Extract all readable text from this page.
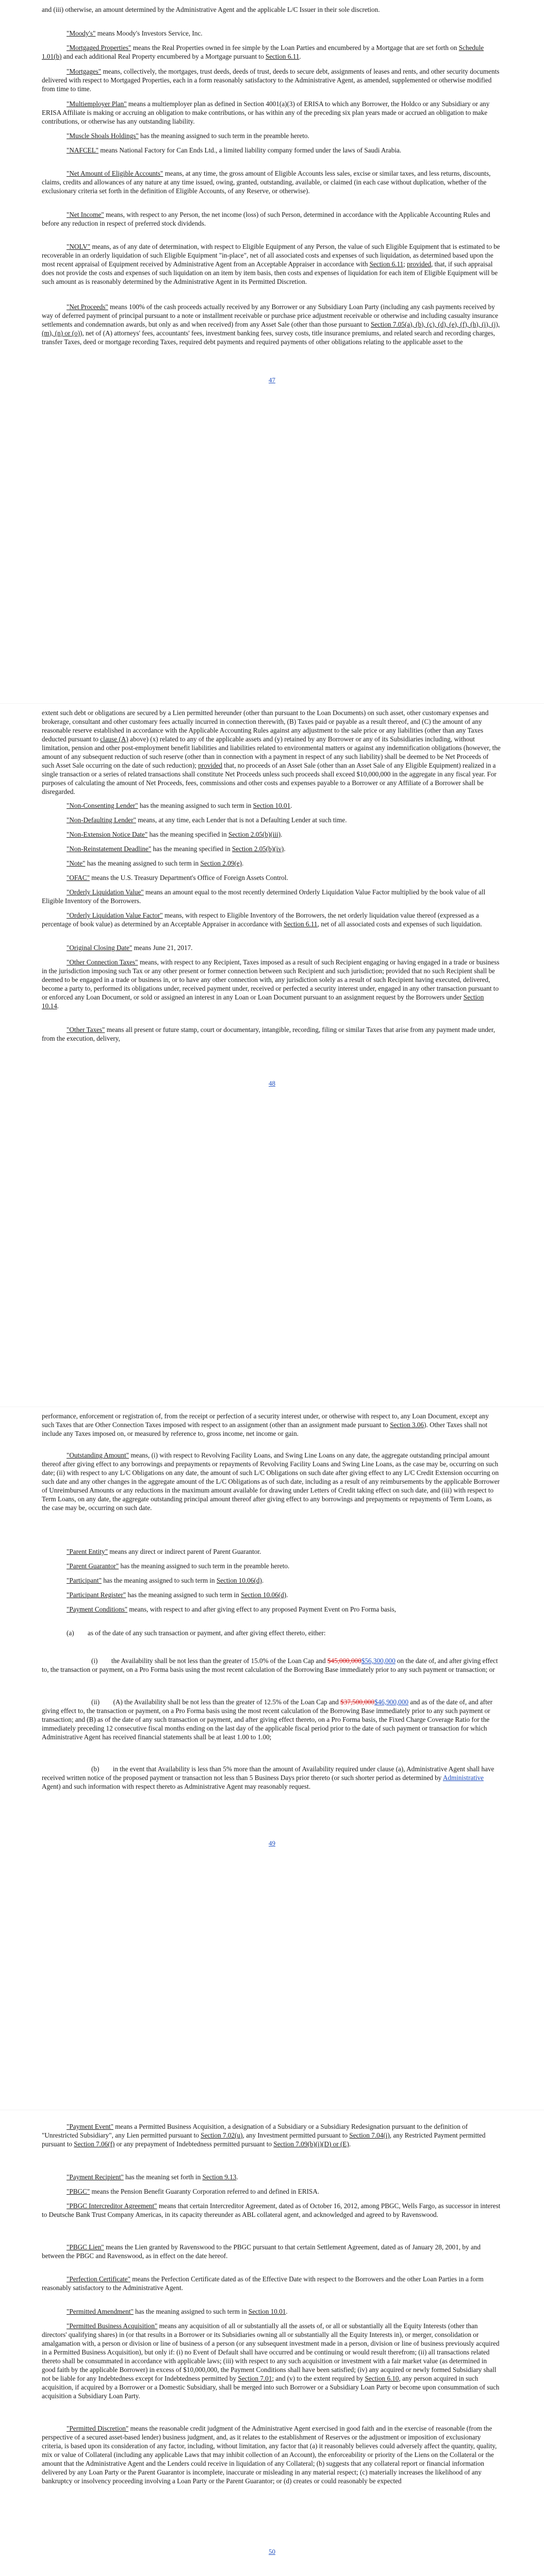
and (iii) otherwise, an amount determined by the Administrative Agent and the applicable L/C Issuer in their sole discretion.

"Moody's" means Moody's Investors Service, Inc.

"Mortgaged Properties" means the Real Properties owned in fee simple by the Loan Parties and encumbered by a Mortgage that are set forth on Schedule 1.01(b) and each additional Real Property encumbered by a Mortgage pursuant to Section 6.11.

"Mortgages" means, collectively, the mortgages, trust deeds, deeds of trust, deeds to secure debt, assignments of leases and rents, and other security documents delivered with respect to Mortgaged Properties, each in a form reasonably satisfactory to the Administrative Agent, as amended, supplemented or otherwise modified from time to time.

"Multiemployer Plan" means a multiemployer plan as defined in Section 4001(a)(3) of ERISA to which any Borrower, the Holdco or any Subsidiary or any ERISA Affiliate is making or accruing an obligation to make contributions, or has within any of the preceding six plan years made or accrued an obligation to make contributions, or otherwise has any outstanding liability.

"Muscle Shoals Holdings" has the meaning assigned to such term in the preamble hereto.

"NAFCEL" means National Factory for Can Ends Ltd., a limited liability company formed under the laws of Saudi Arabia.

"Net Amount of Eligible Accounts" means, at any time, the gross amount of Eligible Accounts less sales, excise or similar taxes, and less returns, discounts, claims, credits and allowances of any nature at any time issued, owing, granted, outstanding, available, or claimed (in each case without duplication, whether of the exclusionary criteria set forth in the definition of Eligible Accounts, of any Reserve, or otherwise).

"Net Income" means, with respect to any Person, the net income (loss) of such Person, determined in accordance with the Applicable Accounting Rules and before any reduction in respect of preferred stock dividends.

"NOLV" means, as of any date of determination, with respect to Eligible Equipment of any Person, the value of such Eligible Equipment that is estimated to be recoverable in an orderly liquidation of such Eligible Equipment "in-place", net of all associated costs and expenses of such liquidation, as determined based upon the most recent appraisal of Equipment received by Administrative Agent from an Acceptable Appraiser in accordance with Section 6.11; provided, that, if such appraisal does not provide the costs and expenses of such liquidation on an item by item basis, then costs and expenses of liquidation for each item of Eligible Equipment will be such amount as is reasonably determined by the Administrative Agent in its Permitted Discretion.

"Net Proceeds" means 100% of the cash proceeds actually received by any Borrower or any Subsidiary Loan Party (including any cash payments received by way of deferred payment of principal pursuant to a note or installment receivable or purchase price adjustment receivable or otherwise and including casualty insurance settlements and condemnation awards, but only as and when received) from any Asset Sale (other than those pursuant to Section 7.05(a), (b), (c), (d), (e), (f), (h), (i), (j), (m), (n) or (o)), net of (A) attorneys' fees, accountants' fees, investment banking fees, survey costs, title insurance premiums, and related search and recording charges, transfer Taxes, deed or mortgage recording Taxes, required debt payments and required payments of other obligations relating to the applicable asset to the

47

extent such debt or obligations are secured by a Lien permitted hereunder (other than pursuant to the Loan Documents) on such asset, other customary expenses and brokerage, consultant and other customary fees actually incurred in connection therewith, (B) Taxes paid or payable as a result thereof, and (C) the amount of any reasonable reserve established in accordance with the Applicable Accounting Rules against any adjustment to the sale price or any liabilities (other than any Taxes deducted pursuant to clause (A) above) (x) related to any of the applicable assets and (y) retained by any Borrower or any of its Subsidiaries including, without limitation, pension and other post-employment benefit liabilities and liabilities related to environmental matters or against any indemnification obligations (however, the amount of any subsequent reduction of such reserve (other than in connection with a payment in respect of any such liability) shall be deemed to be Net Proceeds of such Asset Sale occurring on the date of such reduction); provided that, no proceeds of an Asset Sale (other than an Asset Sale of any Eligible Equipment) realized in a single transaction or a series of related transactions shall constitute Net Proceeds unless such proceeds shall exceed $10,000,000 in the aggregate in any fiscal year. For purposes of calculating the amount of Net Proceeds, fees, commissions and other costs and expenses payable to a Borrower or any Affiliate of a Borrower shall be disregarded.

"Non-Consenting Lender" has the meaning assigned to such term in Section 10.01.

"Non-Defaulting Lender" means, at any time, each Lender that is not a Defaulting Lender at such time.

"Non-Extension Notice Date" has the meaning specified in Section 2.05(b)(iii).

"Non-Reinstatement Deadline" has the meaning specified in Section 2.05(b)(iv).

"Note" has the meaning assigned to such term in Section 2.09(e).

"OFAC" means the U.S. Treasury Department's Office of Foreign Assets Control.

"Orderly Liquidation Value" means an amount equal to the most recently determined Orderly Liquidation Value Factor multiplied by the book value of all Eligible Inventory of the Borrowers.

"Orderly Liquidation Value Factor" means, with respect to Eligible Inventory of the Borrowers, the net orderly liquidation value thereof (expressed as a percentage of book value) as determined by an Acceptable Appraiser in accordance with Section 6.11, net of all associated costs and expenses of such liquidation.

"Original Closing Date" means June 21, 2017.

"Other Connection Taxes" means, with respect to any Recipient, Taxes imposed as a result of such Recipient engaging or having engaged in a trade or business in the jurisdiction imposing such Tax or any other present or former connection between such Recipient and such jurisdiction; provided that no such Recipient shall be deemed to be engaged in a trade or business in, or to have any other connection with, any jurisdiction solely as a result of such Recipient having executed, delivered, become a party to, performed its obligations under, received payment under, received or perfected a security interest under, engaged in any other transaction pursuant to or enforced any Loan Document, or sold or assigned an interest in any Loan or Loan Document pursuant to an assignment request by the Borrowers under Section 10.14.

"Other Taxes" means all present or future stamp, court or documentary, intangible, recording, filing or similar Taxes that arise from any payment made under, from the execution, delivery,

48

performance, enforcement or registration of, from the receipt or perfection of a security interest under, or otherwise with respect to, any Loan Document, except any such Taxes that are Other Connection Taxes imposed with respect to an assignment (other than an assignment made pursuant to Section 3.06). Other Taxes shall not include any Taxes imposed on, or measured by reference to, gross income, net income or gain.

"Outstanding Amount" means, (i) with respect to Revolving Facility Loans, and Swing Line Loans on any date, the aggregate outstanding principal amount thereof after giving effect to any borrowings and prepayments or repayments of Revolving Facility Loans and Swing Line Loans, as the case may be, occurring on such date; (ii) with respect to any L/C Obligations on any date, the amount of such L/C Obligations on such date after giving effect to any L/C Credit Extension occurring on such date and any other changes in the aggregate amount of the L/C Obligations as of such date, including as a result of any reimbursements by the applicable Borrower of Unreimbursed Amounts or any reductions in the maximum amount available for drawing under Letters of Credit taking effect on such date, and (iii) with respect to Term Loans, on any date, the aggregate outstanding principal amount thereof after giving effect to any borrowings and prepayments or repayments of Term Loans, as the case may be, occurring on such date.

"Parent Entity" means any direct or indirect parent of Parent Guarantor.

"Parent Guarantor" has the meaning assigned to such term in the preamble hereto.

"Participant" has the meaning assigned to such term in Section 10.06(d).

"Participant Register" has the meaning assigned to such term in Section 10.06(d).

"Payment Conditions" means, with respect to and after giving effect to any proposed Payment Event on Pro Forma basis,

(a)  as of the date of any such transaction or payment, and after giving effect thereto, either:

(i)  the Availability shall be not less than the greater of 15.0% of the Loan Cap and $45,000,000$56,300,000 on the date of, and after giving effect to, the transaction or payment, on a Pro Forma basis using the most recent calculation of the Borrowing Base immediately prior to any such payment or transaction; or

(ii)  (A) the Availability shall be not less than the greater of 12.5% of the Loan Cap and $37,500,000$46,900,000 and as of the date of, and after giving effect to, the transaction or payment, on a Pro Forma basis using the most recent calculation of the Borrowing Base immediately prior to any such payment or transaction; and (B) as of the date of any such transaction or payment, and after giving effect thereto, on a Pro Forma basis, the Fixed Charge Coverage Ratio for the immediately preceding 12 consecutive fiscal months ending on the last day of the applicable fiscal period prior to the date of such payment or transaction for which Administrative Agent has received financial statements shall be at least 1.00 to 1.00;

(b)  in the event that Availability is less than 5% more than the amount of Availability required under clause (a), Administrative Agent shall have received written notice of the proposed payment or transaction not less than 5 Business Days prior thereto (or such shorter period as determined by Administrative Agent) and such information with respect thereto as Administrative Agent may reasonably request.

49

"Payment Event" means a Permitted Business Acquisition, a designation of a Subsidiary or a Subsidiary Redesignation pursuant to the definition of "Unrestricted Subsidiary", any Lien permitted pursuant to Section 7.02(u), any Investment permitted pursuant to Section 7.04(i), any Restricted Payment permitted pursuant to Section 7.06(f) or any prepayment of Indebtedness permitted pursuant to Section 7.09(b)(i)(D) or (E).

"Payment Recipient" has the meaning set forth in Section 9.13.

"PBGC" means the Pension Benefit Guaranty Corporation referred to and defined in ERISA.

"PBGC Intercreditor Agreement" means that certain Intercreditor Agreement, dated as of October 16, 2012, among PBGC, Wells Fargo, as successor in interest to Deutsche Bank Trust Company Americas, in its capacity thereunder as ABL collateral agent, and acknowledged and agreed to by Ravenswood.

"PBGC Lien" means the Lien granted by Ravenswood to the PBGC pursuant to that certain Settlement Agreement, dated as of January 28, 2001, by and between the PBGC and Ravenswood, as in effect on the date hereof.

"Perfection Certificate" means the Perfection Certificate dated as of the Effective Date with respect to the Borrowers and the other Loan Parties in a form reasonably satisfactory to the Administrative Agent.

"Permitted Amendment" has the meaning assigned to such term in Section 10.01.

"Permitted Business Acquisition" means any acquisition of all or substantially all the assets of, or all or substantially all the Equity Interests (other than directors' qualifying shares) in (or that results in a Borrower or its Subsidiaries owning all or substantially all the Equity Interests in), or merger, consolidation or amalgamation with, a person or division or line of business of a person (or any subsequent investment made in a person, division or line of business previously acquired in a Permitted Business Acquisition), but only if: (i) no Event of Default shall have occurred and be continuing or would result therefrom; (ii) all transactions related thereto shall be consummated in accordance with applicable laws; (iii) with respect to any such acquisition or investment with a fair market value (as determined in good faith by the applicable Borrower) in excess of $10,000,000, the Payment Conditions shall have been satisfied; (iv) any acquired or newly formed Subsidiary shall not be liable for any Indebtedness except for Indebtedness permitted by Section 7.01; and (v) to the extent required by Section 6.10, any person acquired in such acquisition, if acquired by a Borrower or a Domestic Subsidiary, shall be merged into such Borrower or a Subsidiary Loan Party or become upon consummation of such acquisition a Subsidiary Loan Party.

"Permitted Discretion" means the reasonable credit judgment of the Administrative Agent exercised in good faith and in the exercise of reasonable (from the perspective of a secured asset-based lender) business judgment, and, as it relates to the establishment of Reserves or the adjustment or imposition of exclusionary criteria, is based upon its consideration of any factor, including, without limitation, any factor that (a) it reasonably believes could adversely affect the quantity, quality, mix or value of Collateral (including any applicable Laws that may inhibit collection of an Account), the enforceability or priority of the Liens on the Collateral or the amount that the Administrative Agent and the Lenders could receive in liquidation of any Collateral; (b) suggests that any collateral report or financial information delivered by any Loan Party or the Parent Guarantor is incomplete, inaccurate or misleading in any material respect; (c) materially increases the likelihood of any bankruptcy or insolvency proceeding involving a Loan Party or the Parent Guarantor; or (d) creates or could reasonably be expected

50
